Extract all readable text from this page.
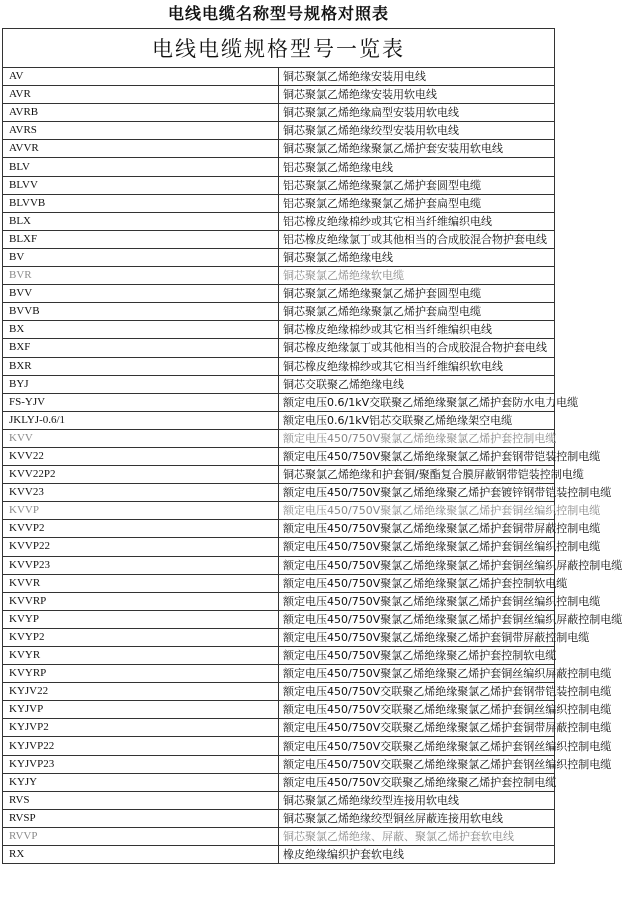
电线电缆名称型号规格对照表
电线电缆规格型号一览表	
AV	铜芯聚氯乙烯绝缘安装用电线
AVR	铜芯聚氯乙烯绝缘安装用软电线
AVRB	铜芯聚氯乙烯绝缘扁型安装用软电线
AVRS	铜芯聚氯乙烯绝缘绞型安装用软电线
AVVR	铜芯聚氯乙烯绝缘聚氯乙烯护套安装用软电线
BLV	铝芯聚氯乙烯绝缘电线
BLVV	铝芯聚氯乙烯绝缘聚氯乙烯护套圆型电缆
BLVVB	铝芯聚氯乙烯绝缘聚氯乙烯护套扁型电缆
BLX	铝芯橡皮绝缘棉纱或其它相当纤维编织电线
BLXF	铝芯橡皮绝缘氯丁或其他相当的合成胶混合物护套电线
BV	铜芯聚氯乙烯绝缘电线
BVR	铜芯聚氯乙烯绝缘软电缆
BVV	铜芯聚氯乙烯绝缘聚氯乙烯护套圆型电缆
BVVB	铜芯聚氯乙烯绝缘聚氯乙烯护套扁型电缆
BX	铜芯橡皮绝缘棉纱或其它相当纤维编织电线
BXF	铜芯橡皮绝缘氯丁或其他相当的合成胶混合物护套电线
BXR	铜芯橡皮绝缘棉纱或其它相当纤维编织软电线
BYJ	铜芯交联聚乙烯绝缘电线
FS-YJV	额定电压0.6/1kV交联聚乙烯绝缘聚氯乙烯护套防水电力电缆
JKLYJ-0.6/1	额定电压0.6/1kV铝芯交联聚乙烯绝缘架空电缆
KVV	额定电压450/750V聚氯乙烯绝缘聚氯乙烯护套控制电缆
KVV22	额定电压450/750V聚氯乙烯绝缘聚氯乙烯护套钢带铠装控制电缆
KVV22P2	铜芯聚氯乙烯绝缘和护套铜/聚酯复合膜屏蔽钢带铠装控制电缆
KVV23	额定电压450/750V聚氯乙烯绝缘聚乙烯护套镀锌钢带铠装控制电缆
KVVP	额定电压450/750V聚氯乙烯绝缘聚氯乙烯护套铜丝编织控制电缆
KVVP2	额定电压450/750V聚氯乙烯绝缘聚氯乙烯护套铜带屏蔽控制电缆
KVVP22	额定电压450/750V聚氯乙烯绝缘聚氯乙烯护套铜丝编织控制电缆
KVVP23	额定电压450/750V聚氯乙烯绝缘聚氯乙烯护套铜丝编织屏蔽控制电缆
KVVR	额定电压450/750V聚氯乙烯绝缘聚氯乙烯护套控制软电缆
KVVRP	额定电压450/750V聚氯乙烯绝缘聚氯乙烯护套铜丝编织控制电缆
KVYP	额定电压450/750V聚氯乙烯绝缘聚氯乙烯护套铜丝编织屏蔽控制电缆
KVYP2	额定电压450/750V聚氯乙烯绝缘聚乙烯护套铜带屏蔽控制电缆
KVYR	额定电压450/750V聚氯乙烯绝缘聚乙烯护套控制软电缆
KVYRP	额定电压450/750V聚氯乙烯绝缘聚乙烯护套铜丝编织屏蔽控制电缆
KYJV22	额定电压450/750V交联聚乙烯绝缘聚氯乙烯护套钢带铠装控制电缆
KYJVP	额定电压450/750V交联聚乙烯绝缘聚氯乙烯护套铜丝编织控制电缆
KYJVP2	额定电压450/750V交联聚乙烯绝缘聚氯乙烯护套铜带屏蔽控制电缆
KYJVP22	额定电压450/750V交联聚乙烯绝缘聚氯乙烯护套钢丝编织控制电缆
KYJVP23	额定电压450/750V交联聚乙烯绝缘聚氯乙烯护套钢丝编织控制电缆
KYJY	额定电压450/750V交联聚乙烯绝缘聚乙烯护套控制电缆
RVS	铜芯聚氯乙烯绝缘绞型连接用软电线
RVSP	铜芯聚氯乙烯绝缘绞型铜丝屏蔽连接用软电线
RVVP	铜芯聚氯乙烯绝缘、屏蔽、聚氯乙烯护套软电线
RX	橡皮绝缘编织护套软电线
